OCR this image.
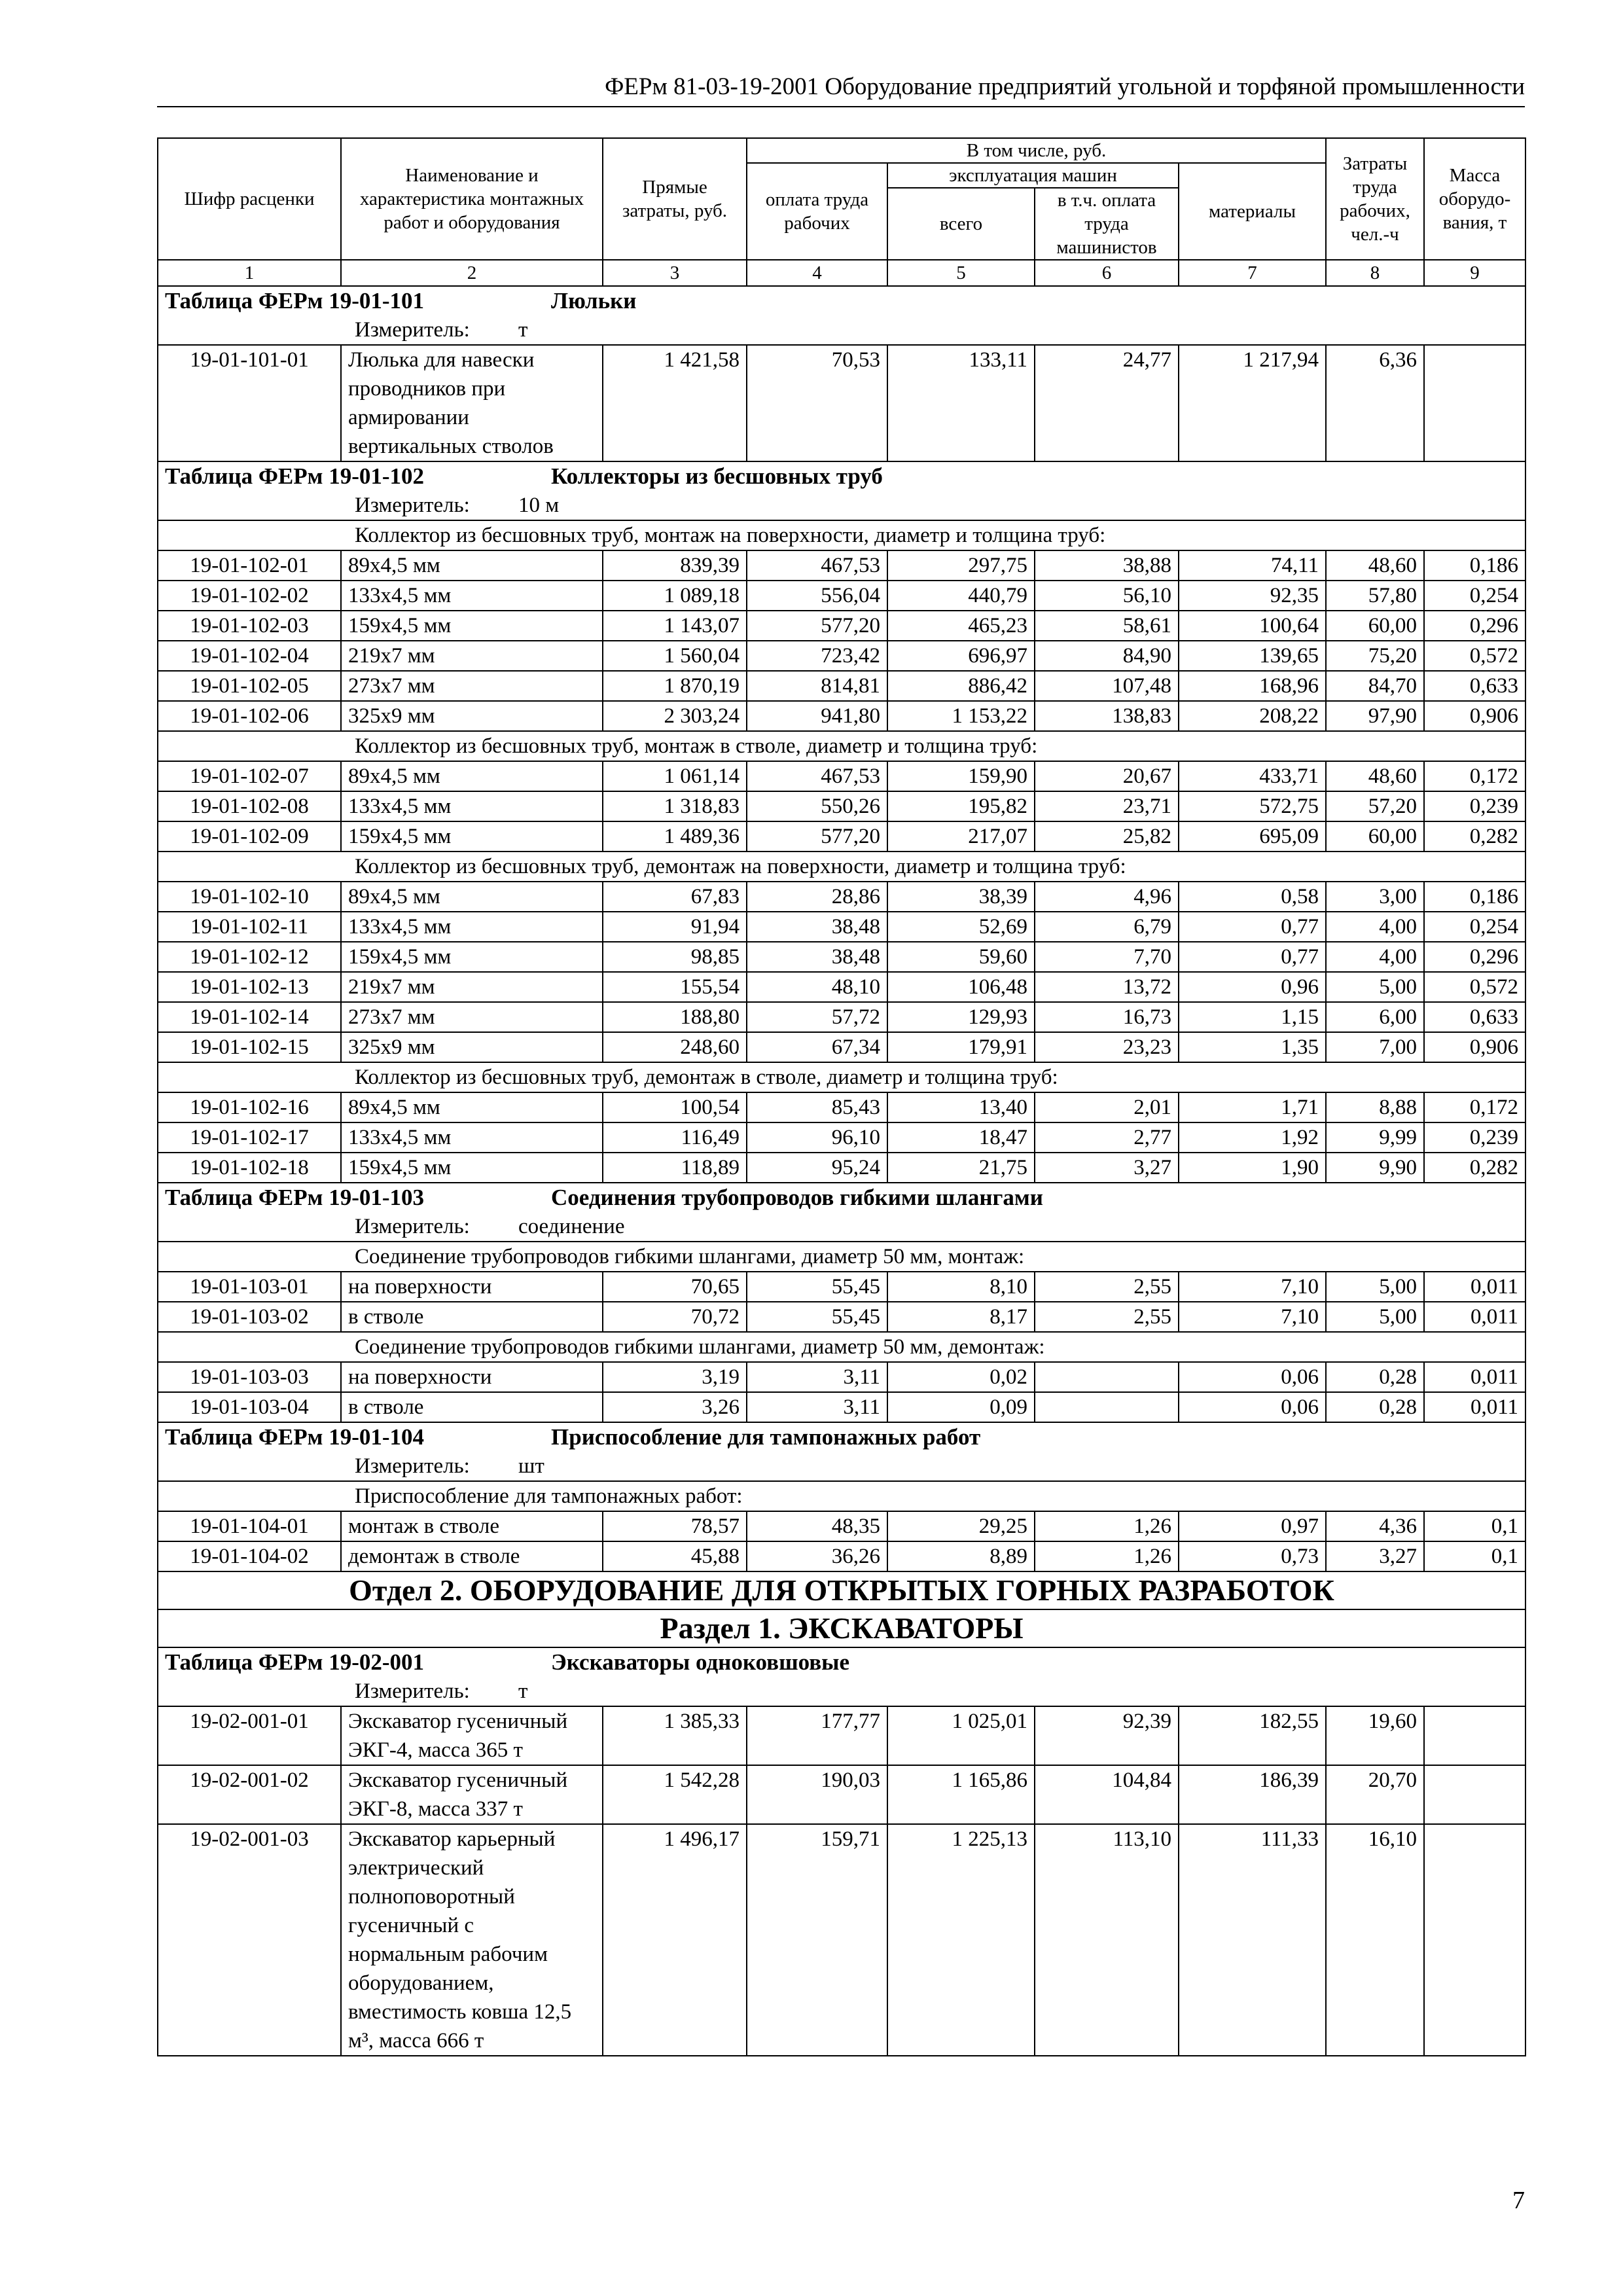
ФЕРм 81-03-19-2001 Оборудование предприятий угольной и торфяной промышленности
Шифр расценки	Наименование и характеристика монтажных работ и оборудования	Прямые затраты, руб.	В том числе, руб.				Затраты труда рабочих, чел.-ч	Масса оборудо-вания, т
			оплата труда рабочих	эксплуатация машин		материалы		
				всего	в т.ч. оплата труда машинистов			
1	2	3	4	5	6	7	8	9
Таблица ФЕРм 19-01-101 Люльки								
Измеритель: т								
19-01-101-01	Люлька для навески проводников при армировании вертикальных стволов	1 421,58	70,53	133,11	24,77	1 217,94	6,36	
Таблица ФЕРм 19-01-102 Коллекторы из бесшовных труб								
Измеритель: 10 м								
Коллектор из бесшовных труб, монтаж на поверхности, диаметр и толщина труб:								
19-01-102-01	89х4,5 мм	839,39	467,53	297,75	38,88	74,11	48,60	0,186
19-01-102-02	133х4,5 мм	1 089,18	556,04	440,79	56,10	92,35	57,80	0,254
19-01-102-03	159х4,5 мм	1 143,07	577,20	465,23	58,61	100,64	60,00	0,296
19-01-102-04	219х7 мм	1 560,04	723,42	696,97	84,90	139,65	75,20	0,572
19-01-102-05	273х7 мм	1 870,19	814,81	886,42	107,48	168,96	84,70	0,633
19-01-102-06	325х9 мм	2 303,24	941,80	1 153,22	138,83	208,22	97,90	0,906
Коллектор из бесшовных труб, монтаж в стволе, диаметр и толщина труб:								
19-01-102-07	89х4,5 мм	1 061,14	467,53	159,90	20,67	433,71	48,60	0,172
19-01-102-08	133х4,5 мм	1 318,83	550,26	195,82	23,71	572,75	57,20	0,239
19-01-102-09	159х4,5 мм	1 489,36	577,20	217,07	25,82	695,09	60,00	0,282
Коллектор из бесшовных труб, демонтаж на поверхности, диаметр и толщина труб:								
19-01-102-10	89х4,5 мм	67,83	28,86	38,39	4,96	0,58	3,00	0,186
19-01-102-11	133х4,5 мм	91,94	38,48	52,69	6,79	0,77	4,00	0,254
19-01-102-12	159х4,5 мм	98,85	38,48	59,60	7,70	0,77	4,00	0,296
19-01-102-13	219х7 мм	155,54	48,10	106,48	13,72	0,96	5,00	0,572
19-01-102-14	273х7 мм	188,80	57,72	129,93	16,73	1,15	6,00	0,633
19-01-102-15	325х9 мм	248,60	67,34	179,91	23,23	1,35	7,00	0,906
Коллектор из бесшовных труб, демонтаж в стволе, диаметр и толщина труб:								
19-01-102-16	89х4,5 мм	100,54	85,43	13,40	2,01	1,71	8,88	0,172
19-01-102-17	133х4,5 мм	116,49	96,10	18,47	2,77	1,92	9,99	0,239
19-01-102-18	159х4,5 мм	118,89	95,24	21,75	3,27	1,90	9,90	0,282
Таблица ФЕРм 19-01-103 Соединения трубопроводов гибкими шлангами								
Измеритель: соединение								
Соединение трубопроводов гибкими шлангами, диаметр 50 мм, монтаж:								
19-01-103-01	на поверхности	70,65	55,45	8,10	2,55	7,10	5,00	0,011
19-01-103-02	в стволе	70,72	55,45	8,17	2,55	7,10	5,00	0,011
Соединение трубопроводов гибкими шлангами, диаметр 50 мм, демонтаж:								
19-01-103-03	на поверхности	3,19	3,11	0,02		0,06	0,28	0,011
19-01-103-04	в стволе	3,26	3,11	0,09		0,06	0,28	0,011
Таблица ФЕРм 19-01-104 Приспособление для тампонажных работ								
Измеритель: шт								
Приспособление для тампонажных работ:								
19-01-104-01	монтаж в стволе	78,57	48,35	29,25	1,26	0,97	4,36	0,1
19-01-104-02	демонтаж в стволе	45,88	36,26	8,89	1,26	0,73	3,27	0,1
Отдел 2. ОБОРУДОВАНИЕ ДЛЯ ОТКРЫТЫХ ГОРНЫХ РАЗРАБОТОК								
Раздел 1. ЭКСКАВАТОРЫ								
Таблица ФЕРм 19-02-001 Экскаваторы одноковшовые								
Измеритель: т								
19-02-001-01	Экскаватор гусеничный ЭКГ-4, масса 365 т	1 385,33	177,77	1 025,01	92,39	182,55	19,60	
19-02-001-02	Экскаватор гусеничный ЭКГ-8, масса 337 т	1 542,28	190,03	1 165,86	104,84	186,39	20,70	
19-02-001-03	Экскаватор карьерный электрический полноповоротный гусеничный с нормальным рабочим оборудованием, вместимость ковша 12,5 м³, масса 666 т	1 496,17	159,71	1 225,13	113,10	111,33	16,10	
7
